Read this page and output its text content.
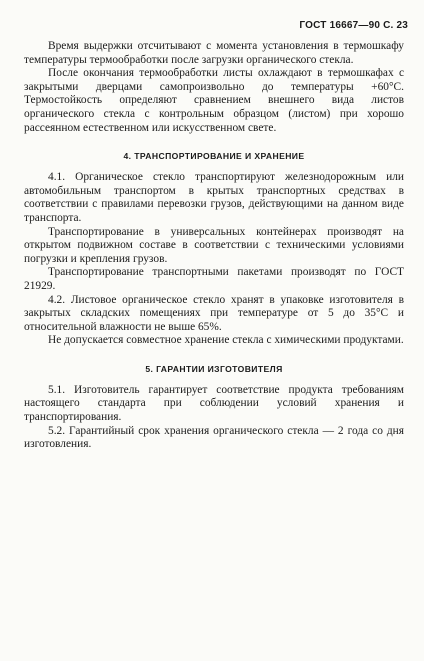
ГОСТ 16667—90 С. 23

Время выдержки отсчитывают с момента установления в термошкафу температуры термообработки после загрузки органического стекла.

После окончания термообработки листы охлаждают в термошкафах с закрытыми дверцами самопроизвольно до температуры +60°С. Термостойкость определяют сравнением внешнего вида листов органического стекла с контрольным образцом (листом) при хорошо рассеянном естественном или искусственном свете.

4. ТРАНСПОРТИРОВАНИЕ И ХРАНЕНИЕ

4.1. Органическое стекло транспортируют железнодорожным или автомобильным транспортом в крытых транспортных средствах в соответствии с правилами перевозки грузов, действующими на данном виде транспорта.

Транспортирование в универсальных контейнерах производят на открытом подвижном составе в соответствии с техническими условиями погрузки и крепления грузов.

Транспортирование транспортными пакетами производят по ГОСТ 21929.

4.2. Листовое органическое стекло хранят в упаковке изготовителя в закрытых складских помещениях при температуре от 5 до 35°С и относительной влажности не выше 65%.

Не допускается совместное хранение стекла с химическими продуктами.

5. ГАРАНТИИ ИЗГОТОВИТЕЛЯ

5.1. Изготовитель гарантирует соответствие продукта требованиям настоящего стандарта при соблюдении условий хранения и транспортирования.

5.2. Гарантийный срок хранения органического стекла — 2 года со дня изготовления.
